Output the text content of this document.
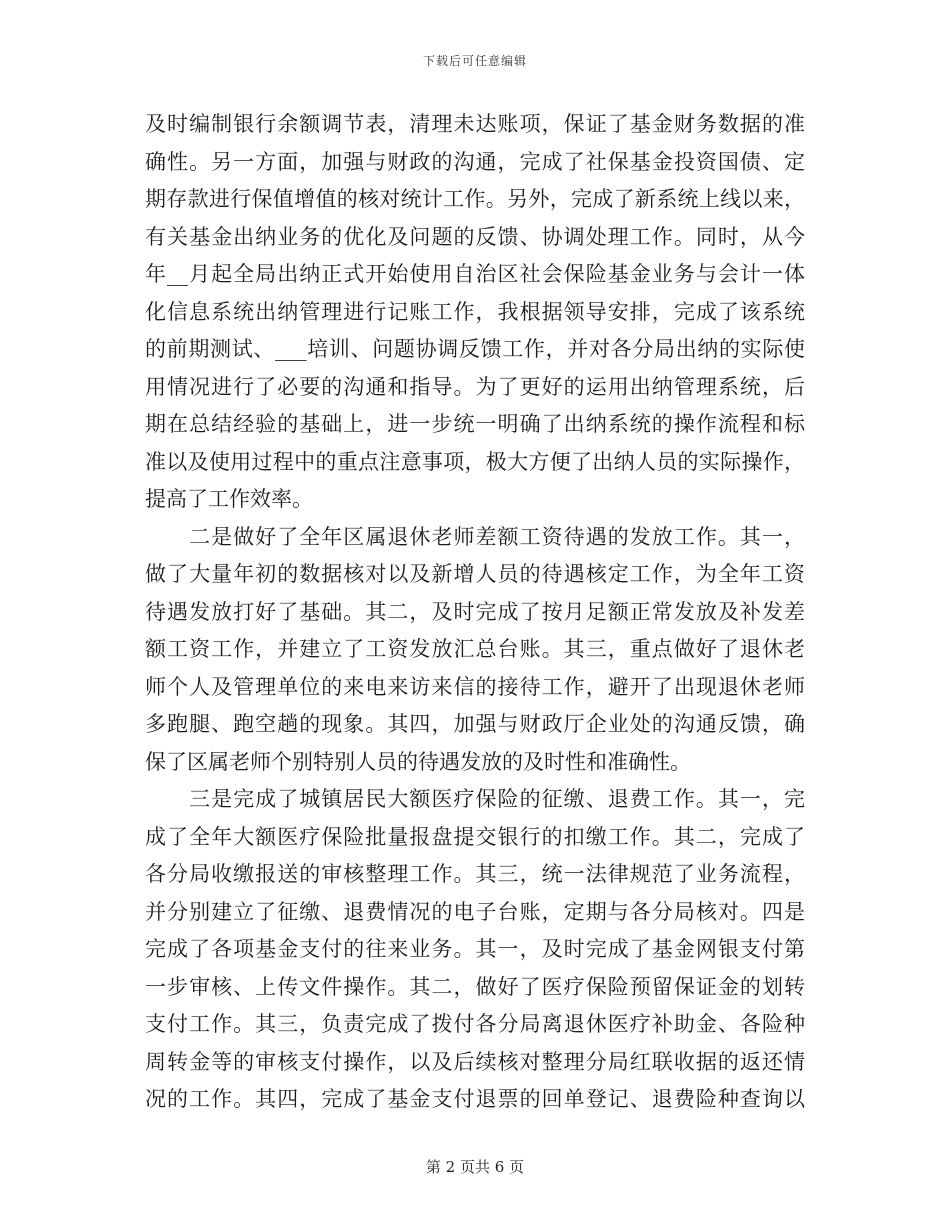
下载后可任意编辑
及时编制银行余额调节表，清理未达账项，保证了基金财务数据的准
确性。另一方面，加强与财政的沟通，完成了社保基金投资国债、定
期存款进行保值增值的核对统计工作。另外，完成了新系统上线以来，
有关基金出纳业务的优化及问题的反馈、协调处理工作。同时，从今
年__月起全局出纳正式开始使用自治区社会保险基金业务与会计一体
化信息系统出纳管理进行记账工作，我根据领导安排，完成了该系统
的前期测试、___培训、问题协调反馈工作，并对各分局出纳的实际使
用情况进行了必要的沟通和指导。为了更好的运用出纳管理系统，后
期在总结经验的基础上，进一步统一明确了出纳系统的操作流程和标
准以及使用过程中的重点注意事项，极大方便了出纳人员的实际操作，
提高了工作效率。
　　二是做好了全年区属退休老师差额工资待遇的发放工作。其一，
做了大量年初的数据核对以及新增人员的待遇核定工作，为全年工资
待遇发放打好了基础。其二，及时完成了按月足额正常发放及补发差
额工资工作，并建立了工资发放汇总台账。其三，重点做好了退休老
师个人及管理单位的来电来访来信的接待工作，避开了出现退休老师
多跑腿、跑空趟的现象。其四，加强与财政厅企业处的沟通反馈，确
保了区属老师个别特别人员的待遇发放的及时性和准确性。
　　三是完成了城镇居民大额医疗保险的征缴、退费工作。其一，完
成了全年大额医疗保险批量报盘提交银行的扣缴工作。其二，完成了
各分局收缴报送的审核整理工作。其三，统一法律规范了业务流程，
并分别建立了征缴、退费情况的电子台账，定期与各分局核对。四是
完成了各项基金支付的往来业务。其一，及时完成了基金网银支付第
一步审核、上传文件操作。其二，做好了医疗保险预留保证金的划转
支付工作。其三，负责完成了拨付各分局离退休医疗补助金、各险种
周转金等的审核支付操作，以及后续核对整理分局红联收据的返还情
况的工作。其四，完成了基金支付退票的回单登记、退费险种查询以
第 2 页共 6 页
